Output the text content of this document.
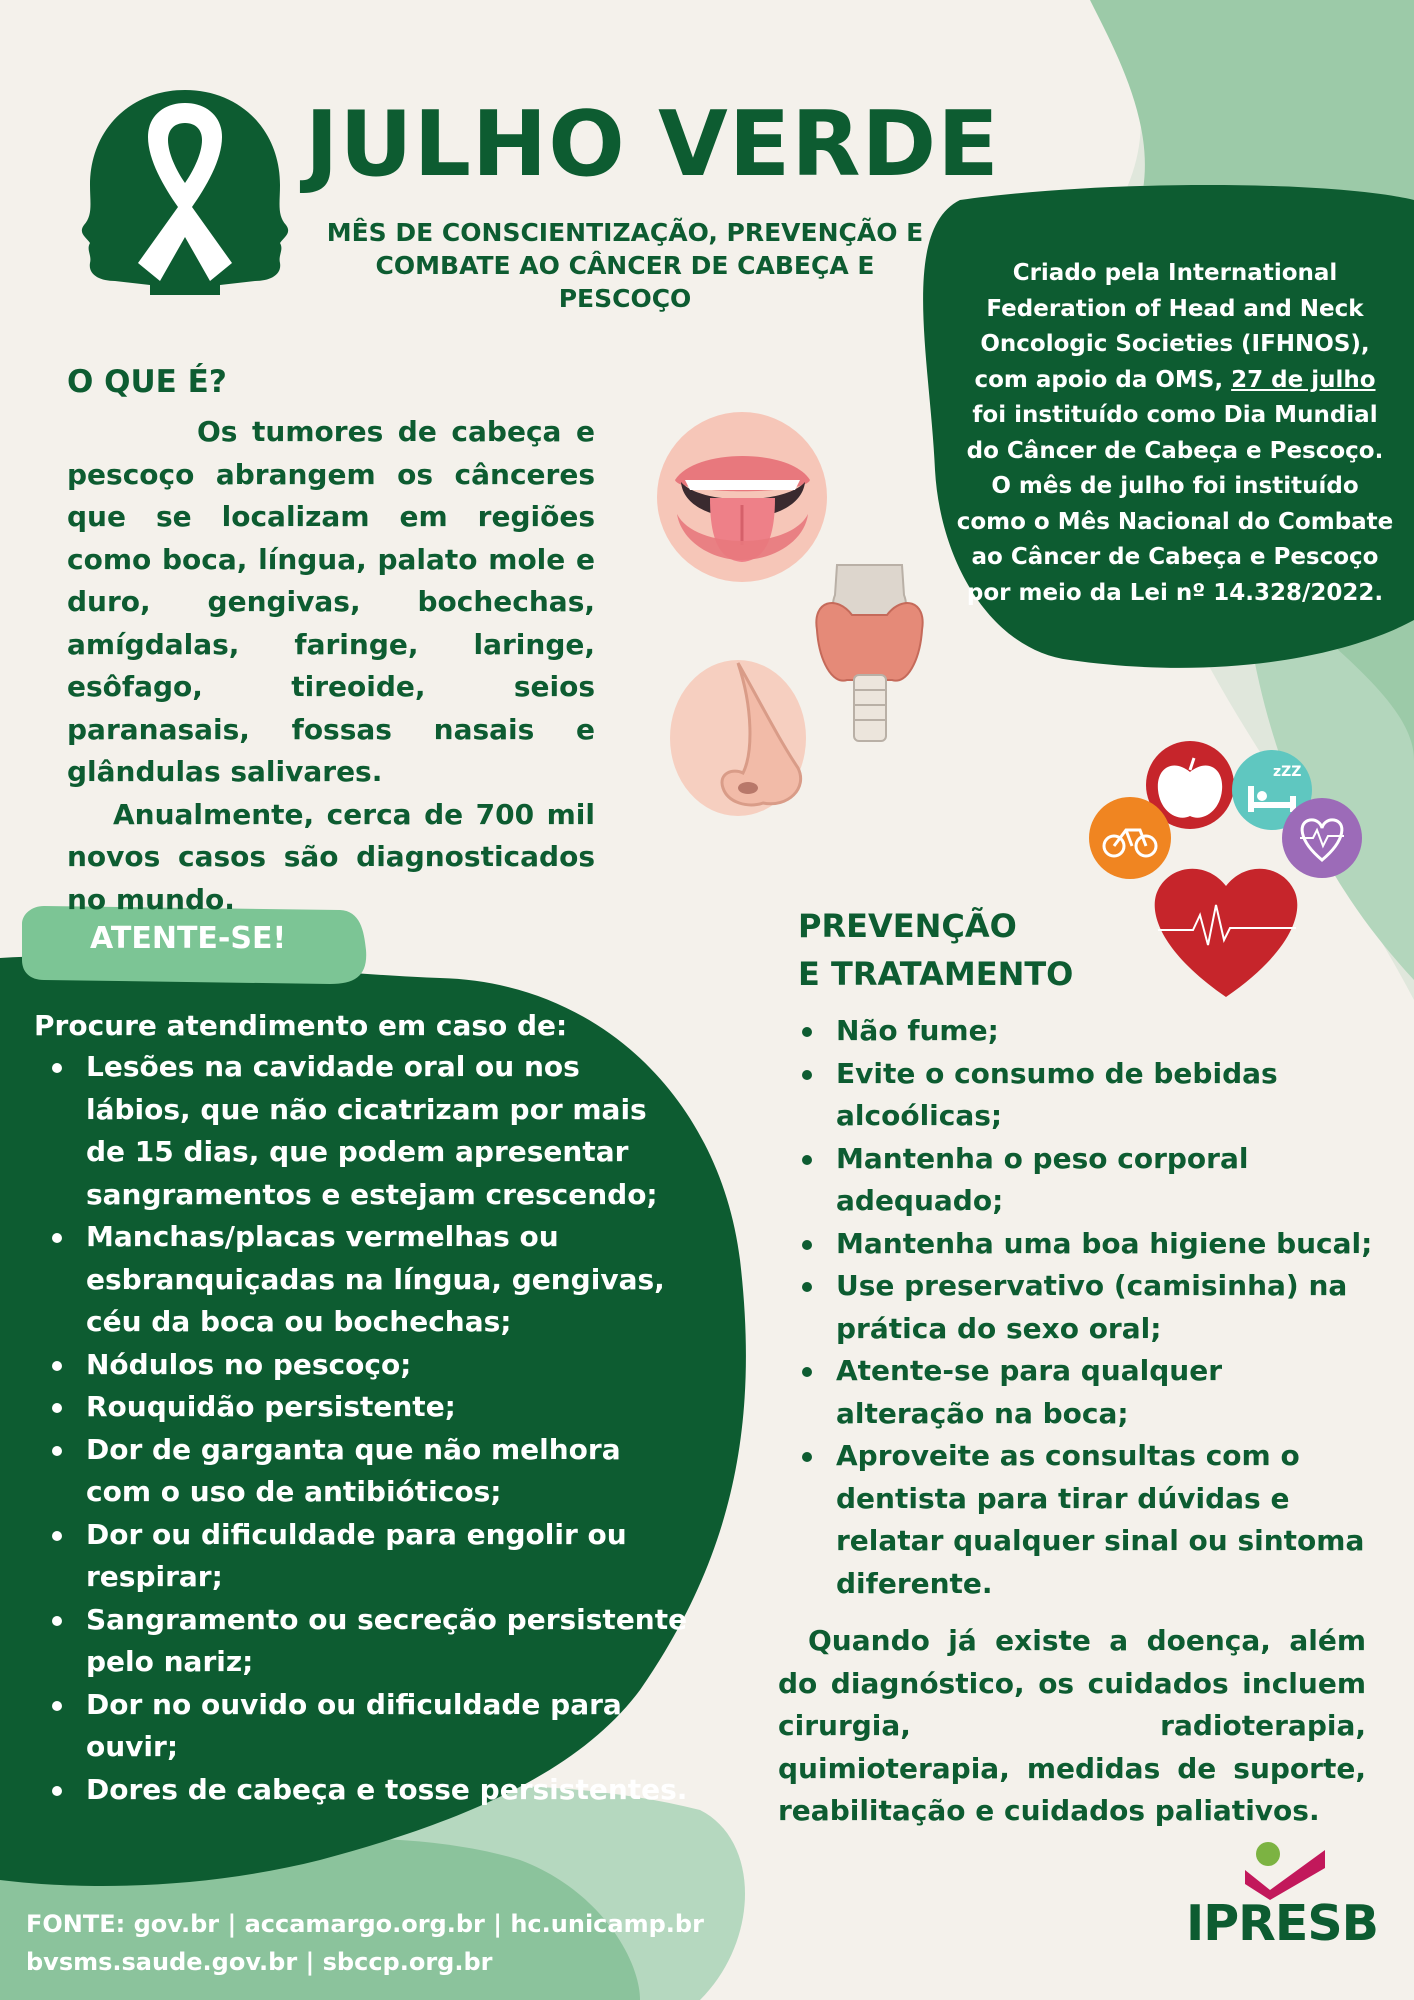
JULHO VERDE
MÊS DE CONSCIENTIZAÇÃO, PREVENÇÃO E
COMBATE AO CÂNCER DE CABEÇA E PESCOÇO
O QUE É?

Os tumores de cabeça e pescoço abrangem os cânceres que se localizam em regiões como boca, língua, palato mole e duro, gengivas, bochechas, amígdalas, faringe, laringe, esôfago, tireoide, seios paranasais, fossas nasais e glândulas salivares.

Anualmente, cerca de 700 mil novos casos são diagnosticados no mundo.

Criado pela International Federation of Head and Neck Oncologic Societies (IFHNOS), com apoio da OMS, 27 de julho foi instituído como Dia Mundial do Câncer de Cabeça e Pescoço. O mês de julho foi instituído como o Mês Nacional do Combate ao Câncer de Cabeça e Pescoço por meio da Lei nº 14.328/2022.
zZZ
ATENTE-SE!
Procure atendimento em caso de:
Lesões na cavidade oral ou nos lábios, que não cicatrizam por mais de 15 dias, que podem apresentar sangramentos e estejam crescendo;
Manchas/placas vermelhas ou esbranquiçadas na língua, gengivas, céu da boca ou bochechas;
Nódulos no pescoço;
Rouquidão persistente;
Dor de garganta que não melhora com o uso de antibióticos;
Dor ou dificuldade para engolir ou respirar;
Sangramento ou secreção persistente pelo nariz;
Dor no ouvido ou dificuldade para ouvir;
Dores de cabeça e tosse persistentes.
PREVENÇÃO
E TRATAMENTO
Não fume;
Evite o consumo de bebidas alcoólicas;
Mantenha o peso corporal adequado;
Mantenha uma boa higiene bucal;
Use preservativo (camisinha) na prática do sexo oral;
Atente-se para qualquer alteração na boca;
Aproveite as consultas com o dentista para tirar dúvidas e relatar qualquer sinal ou sintoma diferente.
Quando já existe a doença, além do diagnóstico, os cuidados incluem cirurgia, radioterapia, quimioterapia, medidas de suporte, reabilitação e cuidados paliativos.
FONTE: gov.br | accamargo.org.br | hc.unicamp.br
bvsms.saude.gov.br | sbccp.org.br
IPRESB
